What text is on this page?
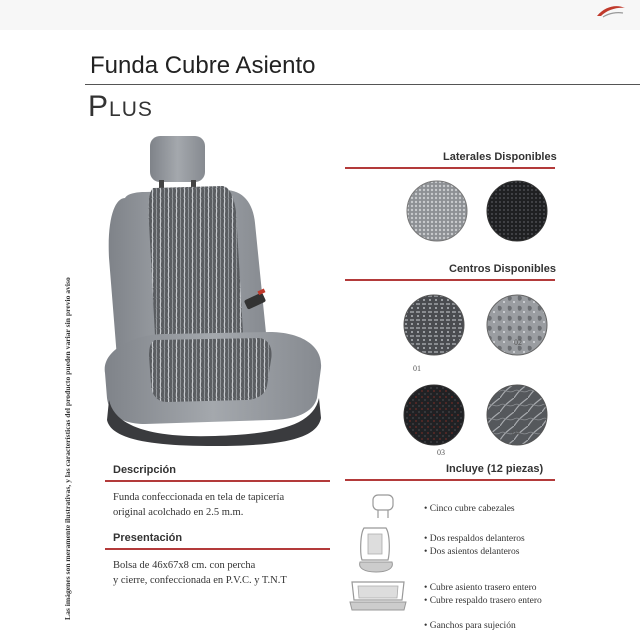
Funda Cubre Asiento
Plus
Las imágenes son meramente ilustrativas, y las características del producto pueden variar sin previo aviso
Laterales Disponibles
Centros Disponibles
01
02
03
04
Descripción
Funda confeccionada en tela de tapicería
original acolchado en 2.5 m.m.
Presentación
Bolsa de 46x67x8 cm. con percha
y cierre, confeccionada en P.V.C. y T.N.T
Incluye (12 piezas)
• Cinco cubre cabezales
• Dos respaldos delanteros
• Dos asientos delanteros
• Cubre asiento trasero entero
• Cubre respaldo trasero entero
• Ganchos para sujeción
